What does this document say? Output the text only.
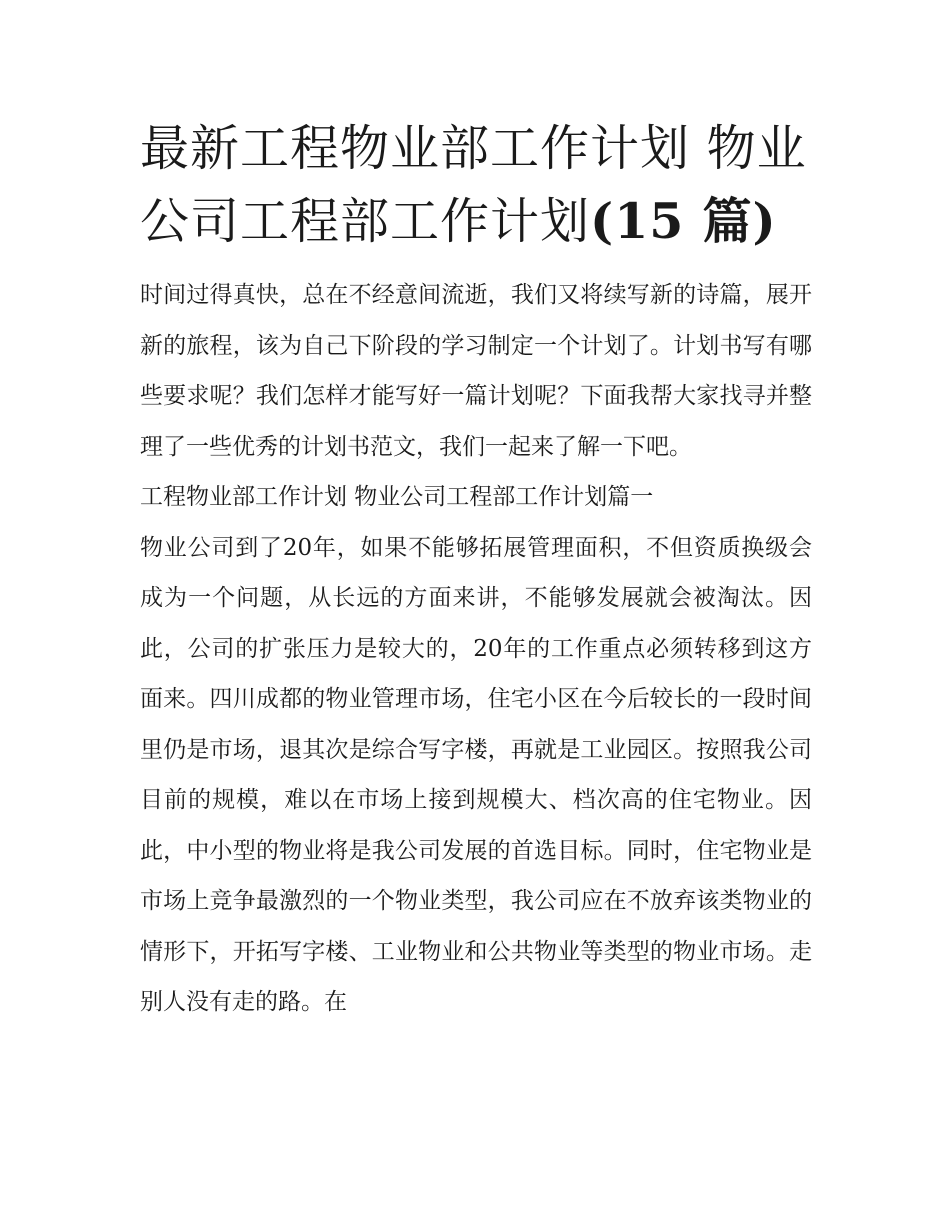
最新工程物业部工作计划 物业公司工程部工作计划(15 篇)

时间过得真快，总在不经意间流逝，我们又将续写新的诗篇，展开新的旅程，该为自己下阶段的学习制定一个计划了。计划书写有哪些要求呢？我们怎样才能写好一篇计划呢？下面我帮大家找寻并整理了一些优秀的计划书范文，我们一起来了解一下吧。

工程物业部工作计划 物业公司工程部工作计划篇一

物业公司到了20年，如果不能够拓展管理面积，不但资质换级会成为一个问题，从长远的方面来讲，不能够发展就会被淘汰。因此，公司的扩张压力是较大的，20年的工作重点必须转移到这方面来。四川成都的物业管理市场，住宅小区在今后较长的一段时间里仍是市场，退其次是综合写字楼，再就是工业园区。按照我公司目前的规模，难以在市场上接到规模大、档次高的住宅物业。因此，中小型的物业将是我公司发展的首选目标。同时，住宅物业是市场上竞争最激烈的一个物业类型，我公司应在不放弃该类物业的情形下，开拓写字楼、工业物业和公共物业等类型的物业市场。走别人没有走的路。在
